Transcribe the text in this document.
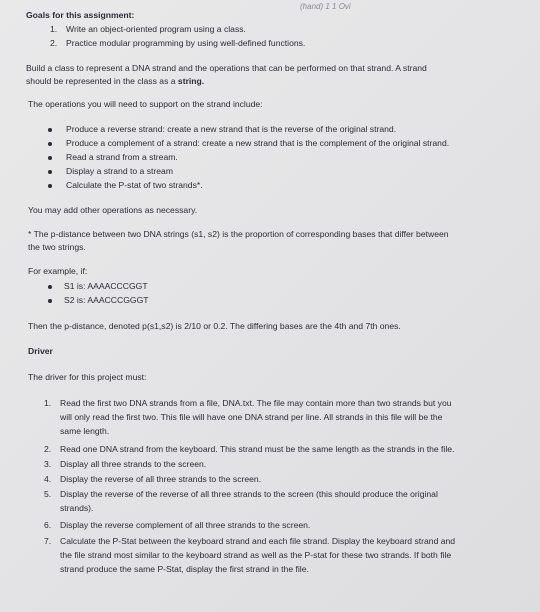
(hand) 1 1 Ovi
Goals for this assignment:
1. Write an object-oriented program using a class.
2. Practice modular programming by using well-defined functions.
Build a class to represent a DNA strand and the operations that can be performed on that strand. A strand
should be represented in the class as a string.
The operations you will need to support on the strand include:
Produce a reverse strand: create a new strand that is the reverse of the original strand.
Produce a complement of a strand: create a new strand that is the complement of the original strand.
Read a strand from a stream.
Display a strand to a stream
Calculate the P-stat of two strands*.
You may add other operations as necessary.
* The p-distance between two DNA strings (s1, s2) is the proportion of corresponding bases that differ between
the two strings.
For example, if:
S1 is: AAAACCCGGT
S2 is: AAACCCGGGT
Then the p-distance, denoted p(s1,s2) is 2/10 or 0.2. The differing bases are the 4th and 7th ones.
Driver
The driver for this project must:
1. Read the first two DNA strands from a file, DNA.txt. The file may contain more than two strands but you
will only read the first two. This file will have one DNA strand per line. All strands in this file will be the
same length.
2. Read one DNA strand from the keyboard. This strand must be the same length as the strands in the file.
3. Display all three strands to the screen.
4. Display the reverse of all three strands to the screen.
5. Display the reverse of the reverse of all three strands to the screen (this should produce the original
strands).
6. Display the reverse complement of all three strands to the screen.
7. Calculate the P-Stat between the keyboard strand and each file strand. Display the keyboard strand and
the file strand most similar to the keyboard strand as well as the P-stat for these two strands. If both file
strand produce the same P-Stat, display the first strand in the file.
